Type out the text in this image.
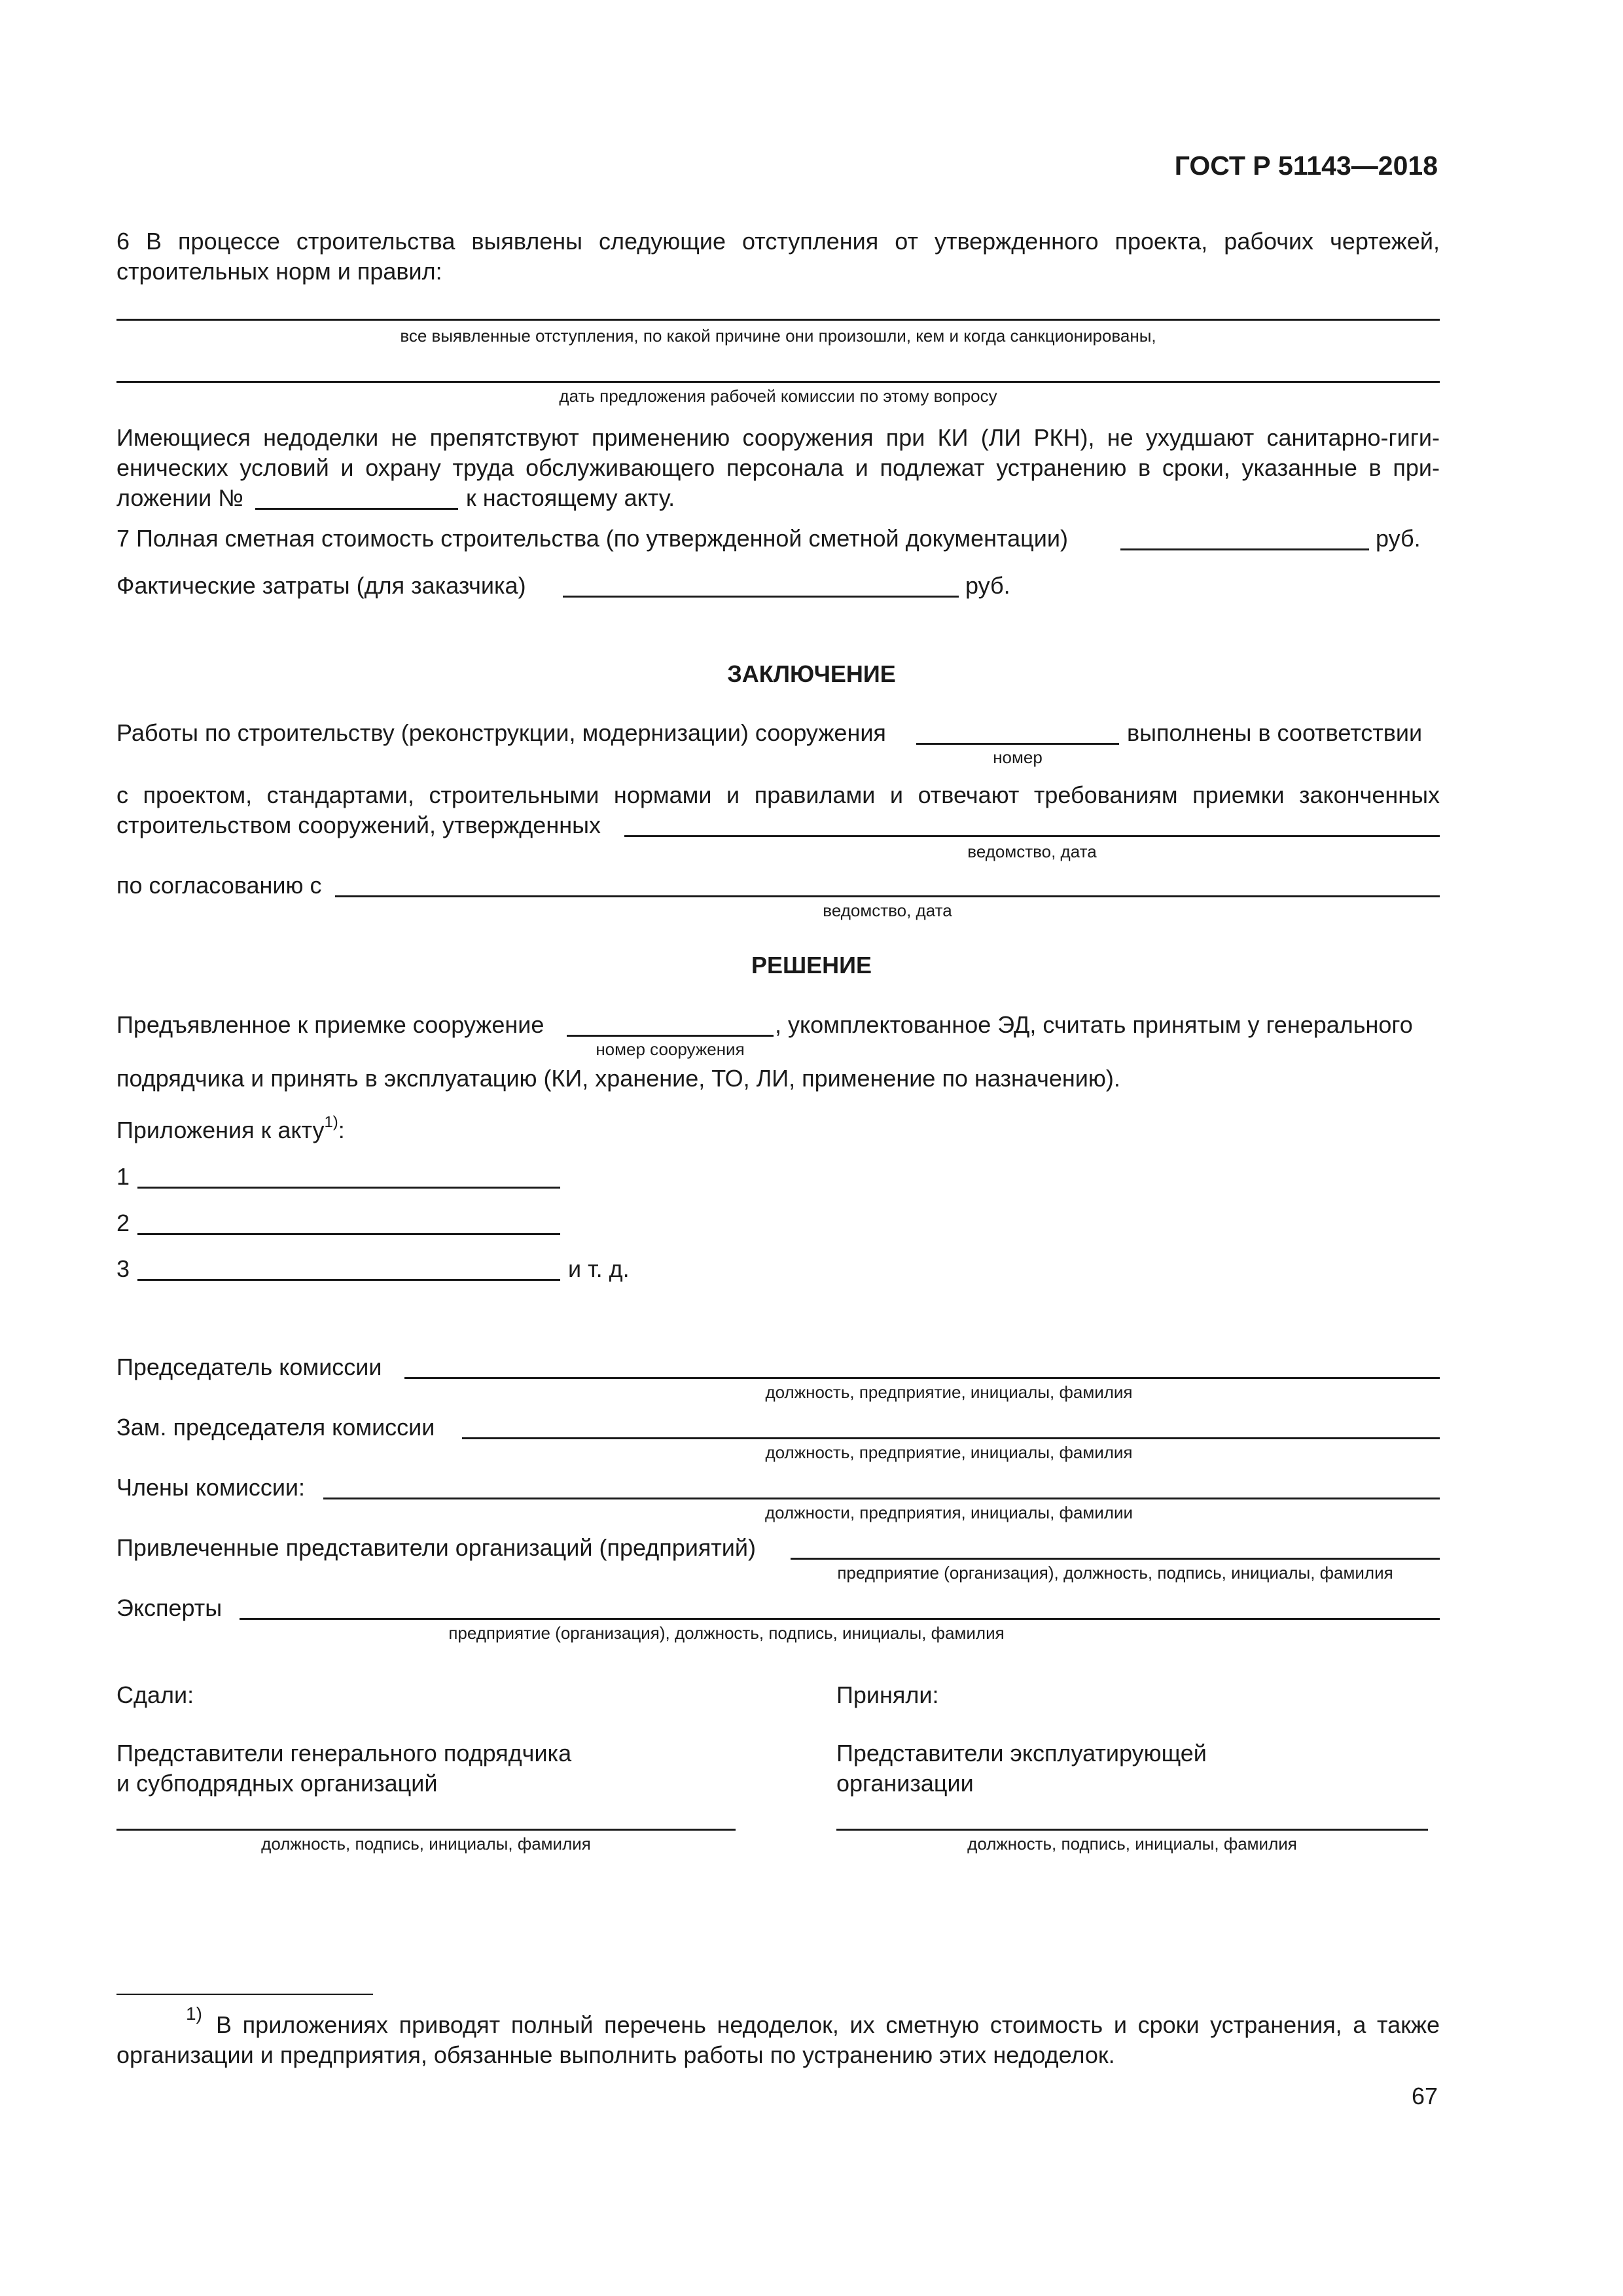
ГОСТ Р 51143—2018
6 В процессе строительства выявлены следующие отступления от утвержденного проекта, рабочих чертежей,
строительных норм и правил:
все выявленные отступления, по какой причине они произошли, кем и когда санкционированы,
дать предложения рабочей комиссии по этому вопросу
Имеющиеся недоделки не препятствуют применению сооружения при КИ (ЛИ РКН), не ухудшают санитарно-гиги-
енических условий и охрану труда обслуживающего персонала и подлежат устранению в сроки, указанные в при-
ложении №	к настоящему акту.
7 Полная сметная стоимость строительства (по утвержденной сметной документации)	руб.
Фактические затраты (для заказчика)	руб.
ЗАКЛЮЧЕНИЕ
Работы по строительству (реконструкции, модернизации) сооружения	выполнены в соответствии
номер
с проектом, стандартами, строительными нормами и правилами и отвечают требованиям приемки законченных
строительством сооружений, утвержденных
ведомство, дата
по согласованию с
ведомство, дата
РЕШЕНИЕ
Предъявленное к приемке сооружение	, укомплектованное ЭД, считать принятым у генерального
номер сооружения
подрядчика и принять в эксплуатацию (КИ, хранение, ТО, ЛИ, применение по назначению).
Приложения к акту$^{1)}$:
1
2
3	и т. д.
Председатель комиссии
должность, предприятие, инициалы, фамилия
Зам. председателя комиссии
должность, предприятие, инициалы, фамилия
Члены комиссии:
должности, предприятия, инициалы, фамилии
Привлеченные представители организаций (предприятий)
предприятие (организация), должность, подпись, инициалы, фамилия
Эксперты
предприятие (организация), должность, подпись, инициалы, фамилия
Сдали:
Представители генерального подрядчика
и субподрядных организаций
должность, подпись, инициалы, фамилия
Приняли:
Представители эксплуатирующей
организации
должность, подпись, инициалы, фамилия
1) В приложениях приводят полный перечень недоделок, их сметную стоимость и сроки устранения, а также
организации и предприятия, обязанные выполнить работы по устранению этих недоделок.
67
